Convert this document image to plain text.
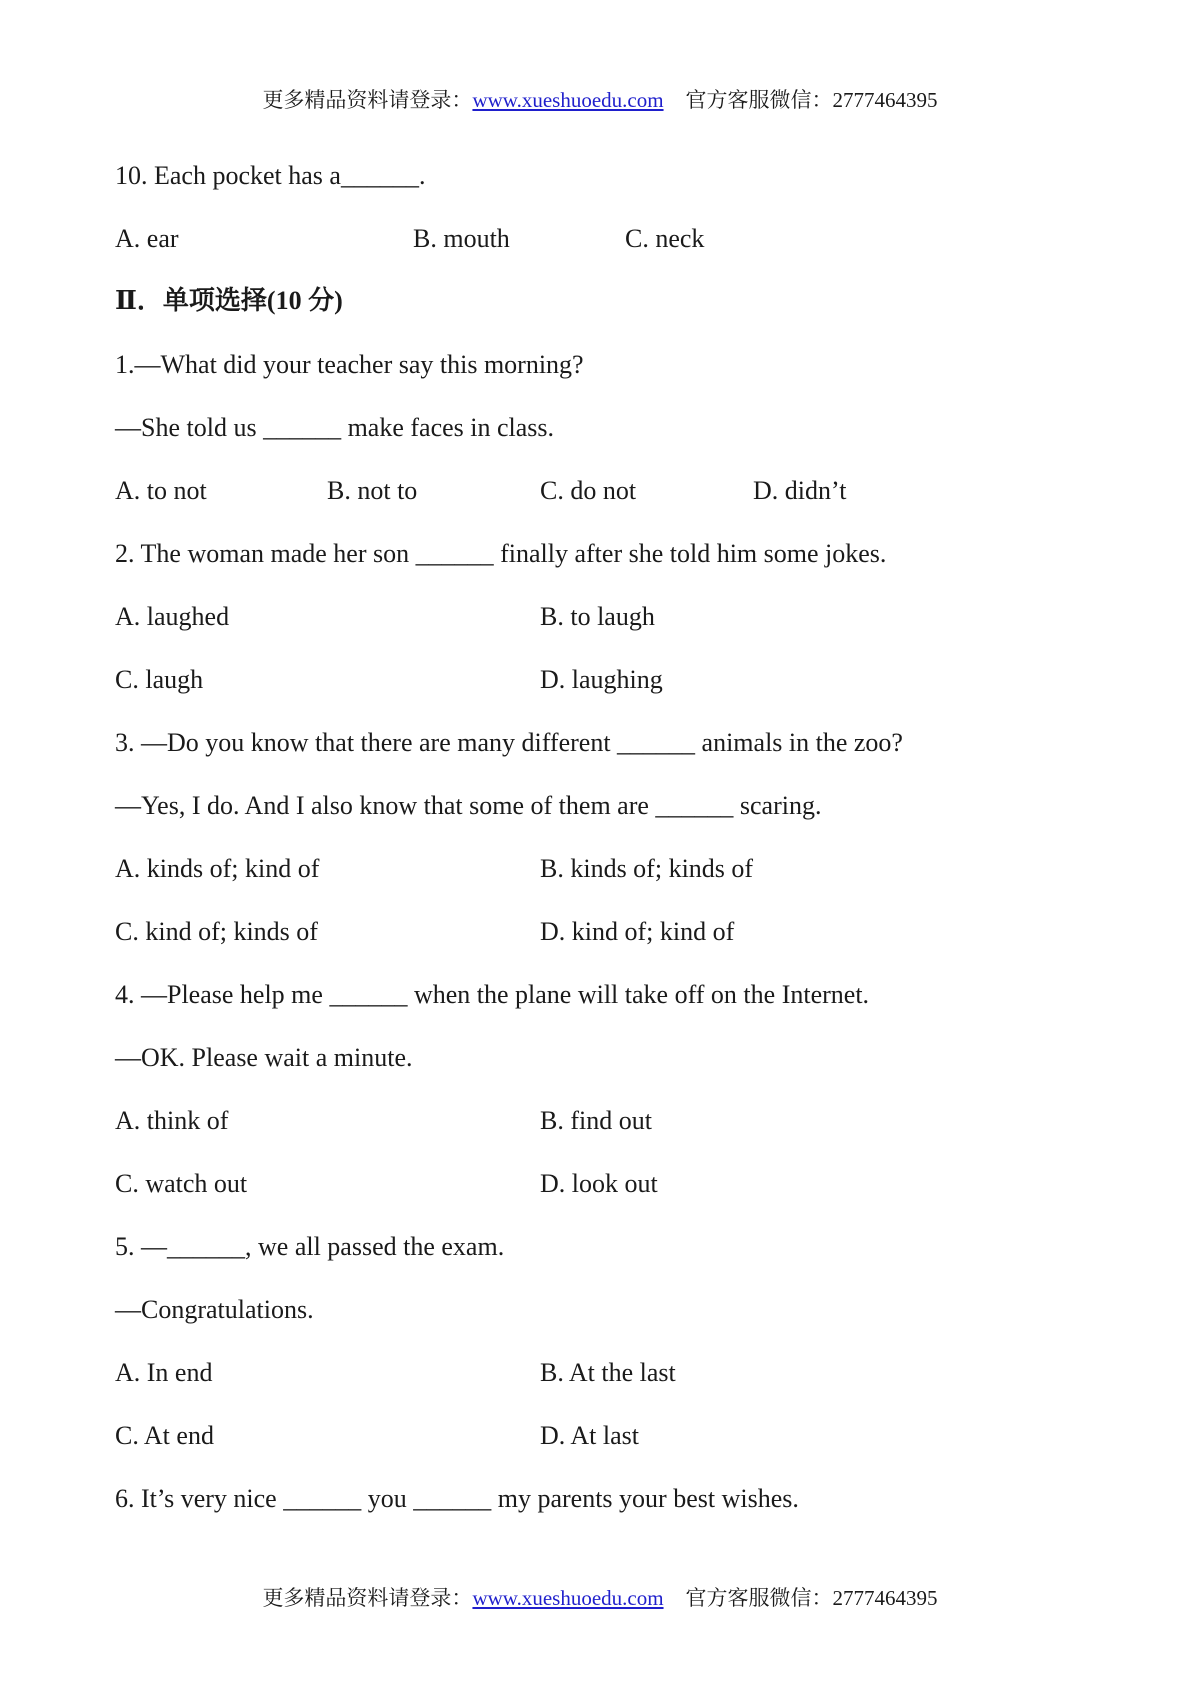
更多精品资料请登录：www.xueshuoedu.com 官方客服微信：2777464395
10. Each pocket has a______.
A. ear	B. mouth	C. neck
Ⅱ．单项选择(10 分)
1.—What did your teacher say this morning?
—She told us ______ make faces in class.
A. to not	B. not to	C. do not	D. didn’t
2. The woman made her son ______ finally after she told him some jokes.
A. laughed	B. to laugh
C. laugh	D. laughing
3. —Do you know that there are many different ______ animals in the zoo?
—Yes, I do. And I also know that some of them are ______ scaring.
A. kinds of; kind of	B. kinds of; kinds of
C. kind of; kinds of	D. kind of; kind of
4. —Please help me ______ when the plane will take off on the Internet.
—OK. Please wait a minute.
A. think of	B. find out
C. watch out	D. look out
5. —______, we all passed the exam.
—Congratulations.
A. In end	B. At the last
C. At end	D. At last
6. It’s very nice ______ you ______ my parents your best wishes.
更多精品资料请登录：www.xueshuoedu.com 官方客服微信：2777464395
